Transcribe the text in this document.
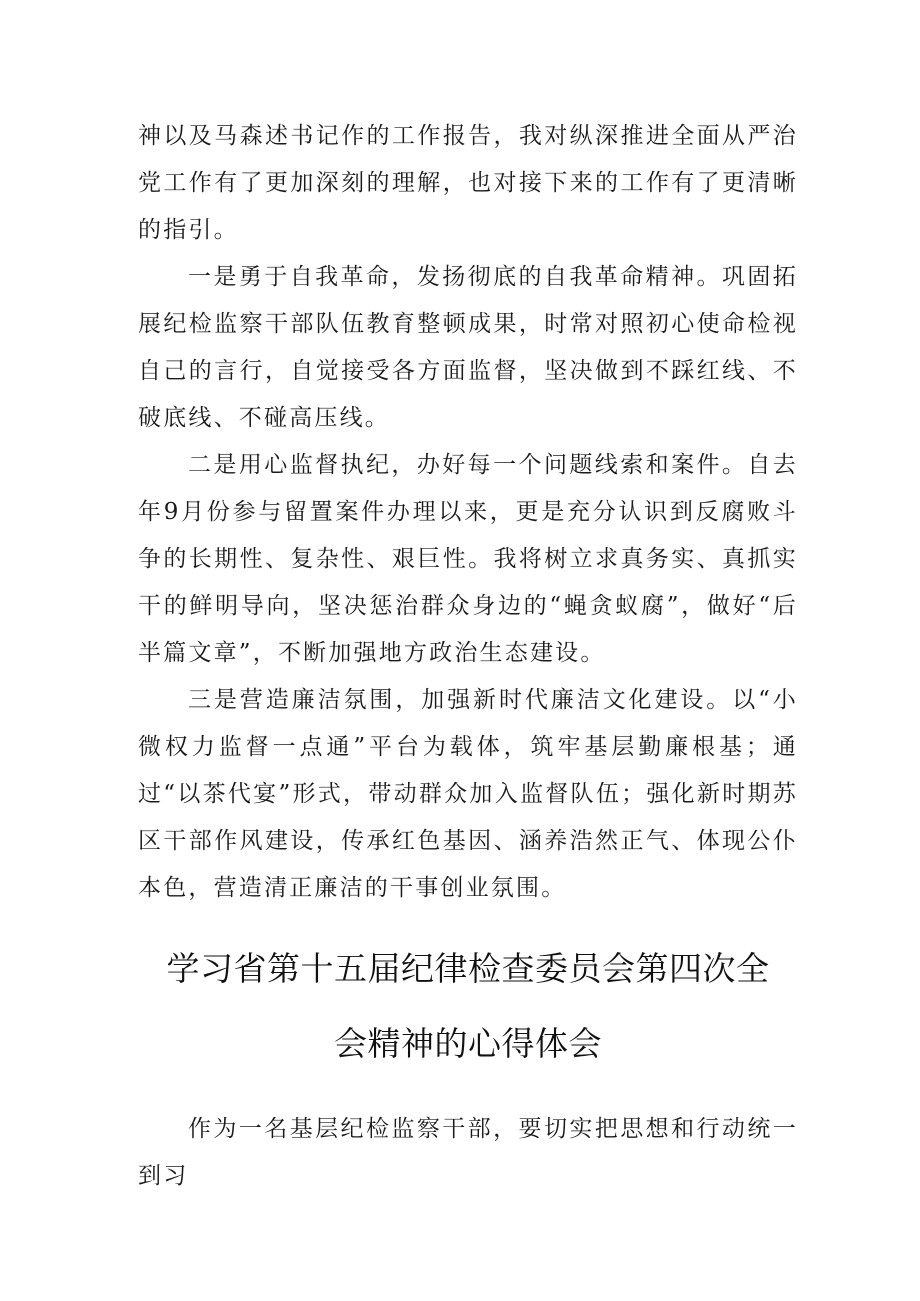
神以及马森述书记作的工作报告，我对纵深推进全面从严治党工作有了更加深刻的理解，也对接下来的工作有了更清晰的指引。

一是勇于自我革命，发扬彻底的自我革命精神。巩固拓展纪检监察干部队伍教育整顿成果，时常对照初心使命检视自己的言行，自觉接受各方面监督，坚决做到不踩红线、不破底线、不碰高压线。

二是用心监督执纪，办好每一个问题线索和案件。自去年9月份参与留置案件办理以来，更是充分认识到反腐败斗争的长期性、复杂性、艰巨性。我将树立求真务实、真抓实干的鲜明导向，坚决惩治群众身边的“蝇贪蚁腐”，做好“后半篇文章”，不断加强地方政治生态建设。

三是营造廉洁氛围，加强新时代廉洁文化建设。以“小微权力监督一点通”平台为载体，筑牢基层勤廉根基；通过“以茶代宴”形式，带动群众加入监督队伍；强化新时期苏区干部作风建设，传承红色基因、涵养浩然正气、体现公仆本色，营造清正廉洁的干事创业氛围。

学习省第十五届纪律检查委员会第四次全
会精神的心得体会

作为一名基层纪检监察干部，要切实把思想和行动统一到习
